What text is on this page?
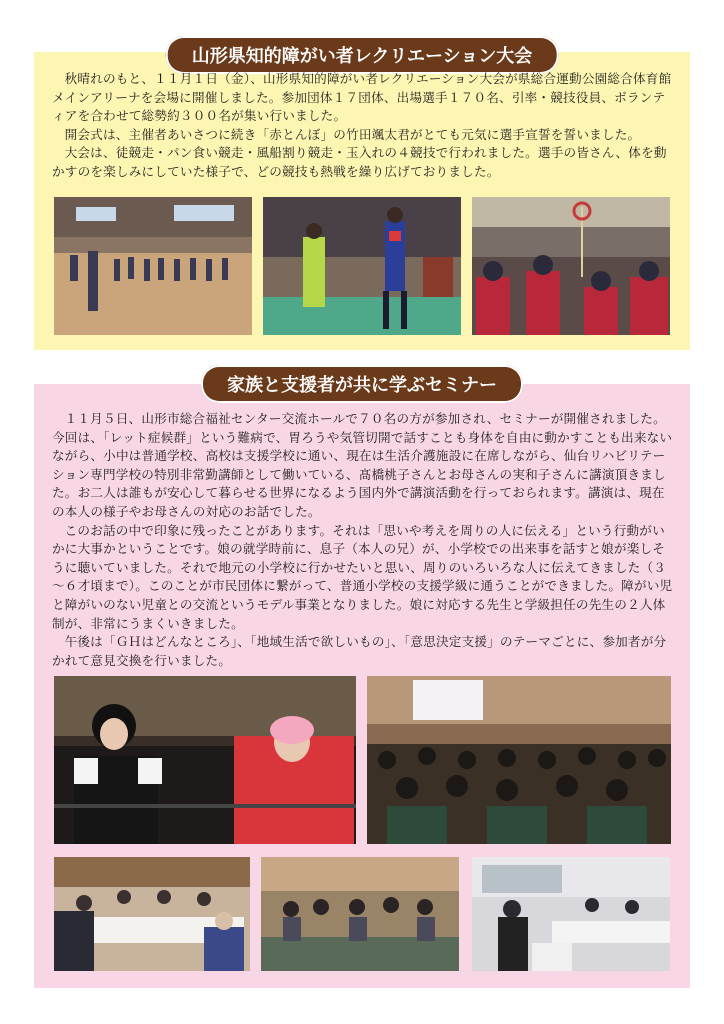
山形県知的障がい者レクリエーション大会

秋晴れのもと、１１月１日（金）、山形県知的障がい者レクリエーション大会が県総合運動公園総合体育館メインアリーナを会場に開催しました。参加団体１７団体、出場選手１７０名、引率・競技役員、ボランティアを合わせて総勢約３００名が集い行いました。

開会式は、主催者あいさつに続き「赤とんぼ」の竹田颯太君がとても元気に選手宣誓を誓いました。

大会は、徒競走・パン食い競走・風船割り競走・玉入れの４競技で行われました。選手の皆さん、体を動かすのを楽しみにしていた様子で、どの競技も熱戦を繰り広げておりました。

家族と支援者が共に学ぶセミナー

１１月５日、山形市総合福祉センター交流ホールで７０名の方が参加され、セミナーが開催されました。今回は、「レット症候群」という難病で、胃ろうや気管切開で話すことも身体を自由に動かすことも出来ないながら、小中は普通学校、高校は支援学校に通い、現在は生活介護施設に在席しながら、仙台リハビリテーション専門学校の特別非常勤講師として働いている、髙橋桃子さんとお母さんの実和子さんに講演頂きました。お二人は誰もが安心して暮らせる世界になるよう国内外で講演活動を行っておられます。講演は、現在の本人の様子やお母さんの対応のお話でした。

このお話の中で印象に残ったことがあります。それは「思いや考えを周りの人に伝える」という行動がいかに大事かということです。娘の就学時前に、息子（本人の兄）が、小学校での出来事を話すと娘が楽しそうに聴いていました。それで地元の小学校に行かせたいと思い、周りのいろいろな人に伝えてきました（３～６才頃まで）。このことが市民団体に繋がって、普通小学校の支援学級に通うことができました。障がい児と障がいのない児童との交流というモデル事業となりました。娘に対応する先生と学級担任の先生の２人体制が、非常にうまくいきました。

午後は「ＧＨはどんなところ」、「地域生活で欲しいもの」、「意思決定支援」のテーマごとに、参加者が分かれて意見交換を行いました。
